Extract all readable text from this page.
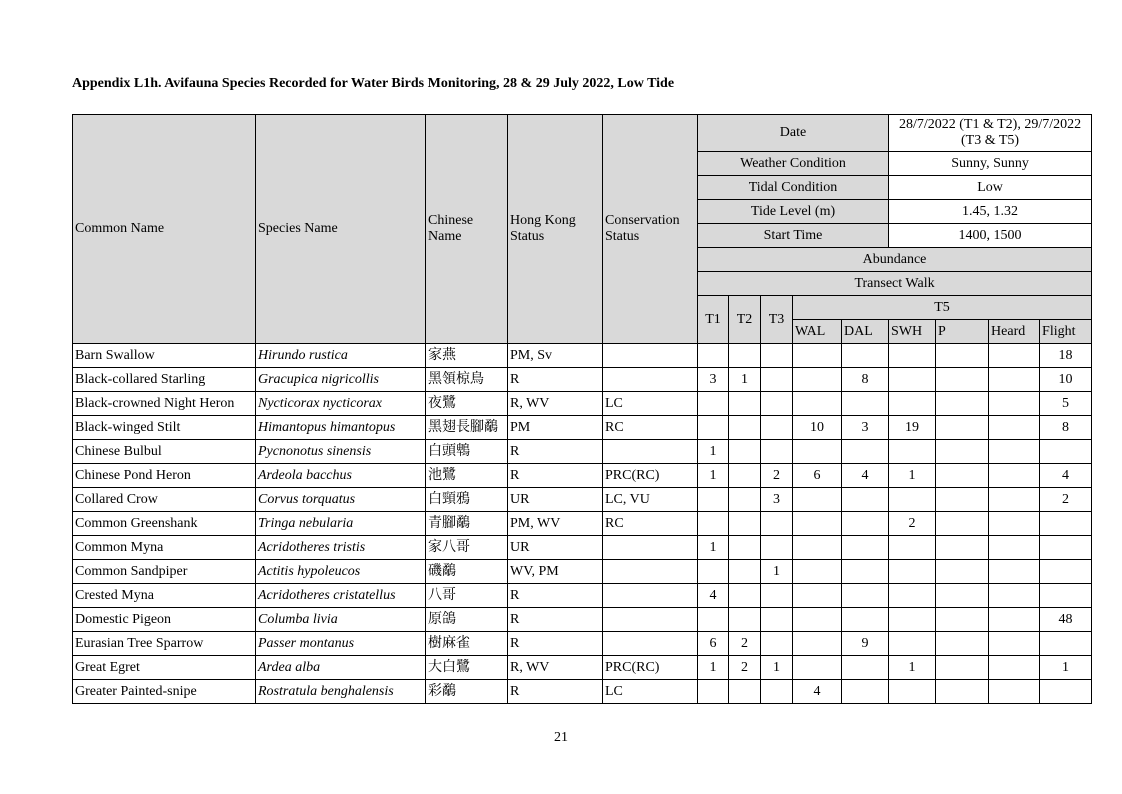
Appendix L1h. Avifauna Species Recorded for Water Birds Monitoring, 28 & 29 July 2022, Low Tide
Common Name	Species Name	Chinese Name	Hong Kong Status	Conservation Status	Date					28/7/2022 (T1 & T2), 29/7/2022 (T3 & T5)			
					Weather Condition					Sunny, Sunny			
					Tidal Condition					Low			
					Tide Level (m)					1.45, 1.32			
					Start Time					1400, 1500			
					Abundance								
					Transect Walk								
					T1	T2	T3	T5					
								WAL	DAL	SWH	P	Heard	Flight
Barn Swallow	Hirundo rustica	家燕	PM, Sv										18
Black-collared Starling	Gracupica nigricollis	黑領椋鳥	R		3	1			8				10
Black-crowned Night Heron	Nycticorax nycticorax	夜鷺	R, WV	LC									5
Black-winged Stilt	Himantopus himantopus	黑翅長腳鷸	PM	RC				10	3	19			8
Chinese Bulbul	Pycnonotus sinensis	白頭鵯	R		1								
Chinese Pond Heron	Ardeola bacchus	池鷺	R	PRC(RC)	1		2	6	4	1			4
Collared Crow	Corvus torquatus	白頸鴉	UR	LC, VU			3						2
Common Greenshank	Tringa nebularia	青腳鷸	PM, WV	RC						2			
Common Myna	Acridotheres tristis	家八哥	UR		1								
Common Sandpiper	Actitis hypoleucos	磯鷸	WV, PM				1						
Crested Myna	Acridotheres cristatellus	八哥	R		4								
Domestic Pigeon	Columba livia	原鴿	R										48
Eurasian Tree Sparrow	Passer montanus	樹麻雀	R		6	2			9				
Great Egret	Ardea alba	大白鷺	R, WV	PRC(RC)	1	2	1			1			1
Greater Painted-snipe	Rostratula benghalensis	彩鷸	R	LC				4					
21
